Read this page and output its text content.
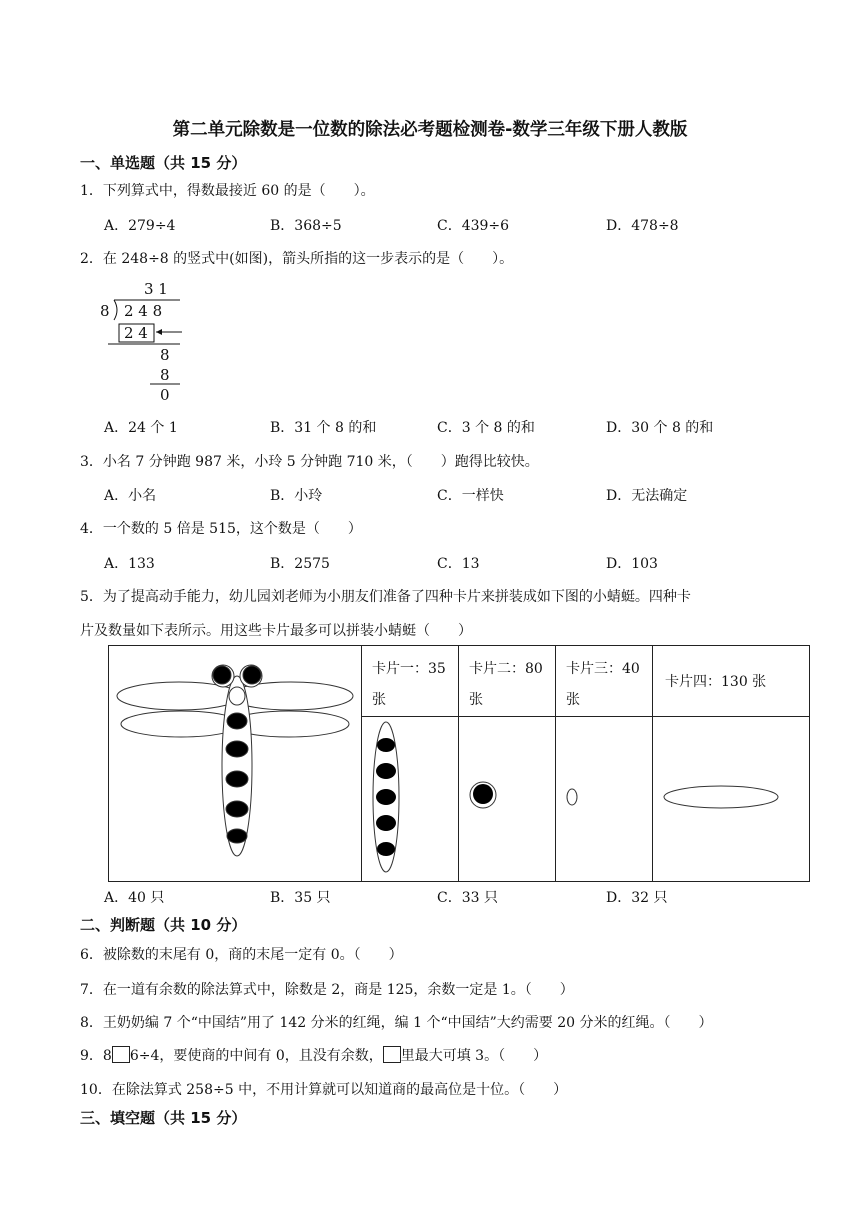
第二单元除数是一位数的除法必考题检测卷-数学三年级下册人教版
一、单选题（共 15 分）
1．下列算式中，得数最接近 60 的是（　　）。
A．279÷4	B．368÷5	C．439÷6	D．478÷8
2．在 248÷8 的竖式中(如图)，箭头所指的这一步表示的是（　　）。
3 1
8 2 4 8
2 4
8
8
0
A．24 个 1	B．31 个 8 的和	C．3 个 8 的和	D．30 个 8 的和
3．小名 7 分钟跑 987 米，小玲 5 分钟跑 710 米，（　　）跑得比较快。
A．小名	B．小玲	C．一样快	D．无法确定
4．一个数的 5 倍是 515，这个数是（　　）
A．133	B．2575	C．13	D．103
5．为了提高动手能力，幼儿园刘老师为小朋友们准备了四种卡片来拼装成如下图的小蜻蜓。四种卡
片及数量如下表所示。用这些卡片最多可以拼装小蜻蜓（　　）

卡片一：35 张	卡片二：80 张	卡片三：40 张	卡片四：130 张

A．40 只	B．35 只	C．33 只	D．32 只
二、判断题（共 10 分）
6．被除数的末尾有 0，商的末尾一定有 0。（　　）
7．在一道有余数的除法算式中，除数是 2，商是 125，余数一定是 1。（　　）
8．王奶奶编 7 个“中国结”用了 142 分米的红绳，编 1 个“中国结”大约需要 20 分米的红绳。（　　）
9．8 6÷4，要使商的中间有 0，且没有余数， 里最大可填 3。（　　）
10．在除法算式 258÷5 中，不用计算就可以知道商的最高位是十位。（　　）
三、填空题（共 15 分）
